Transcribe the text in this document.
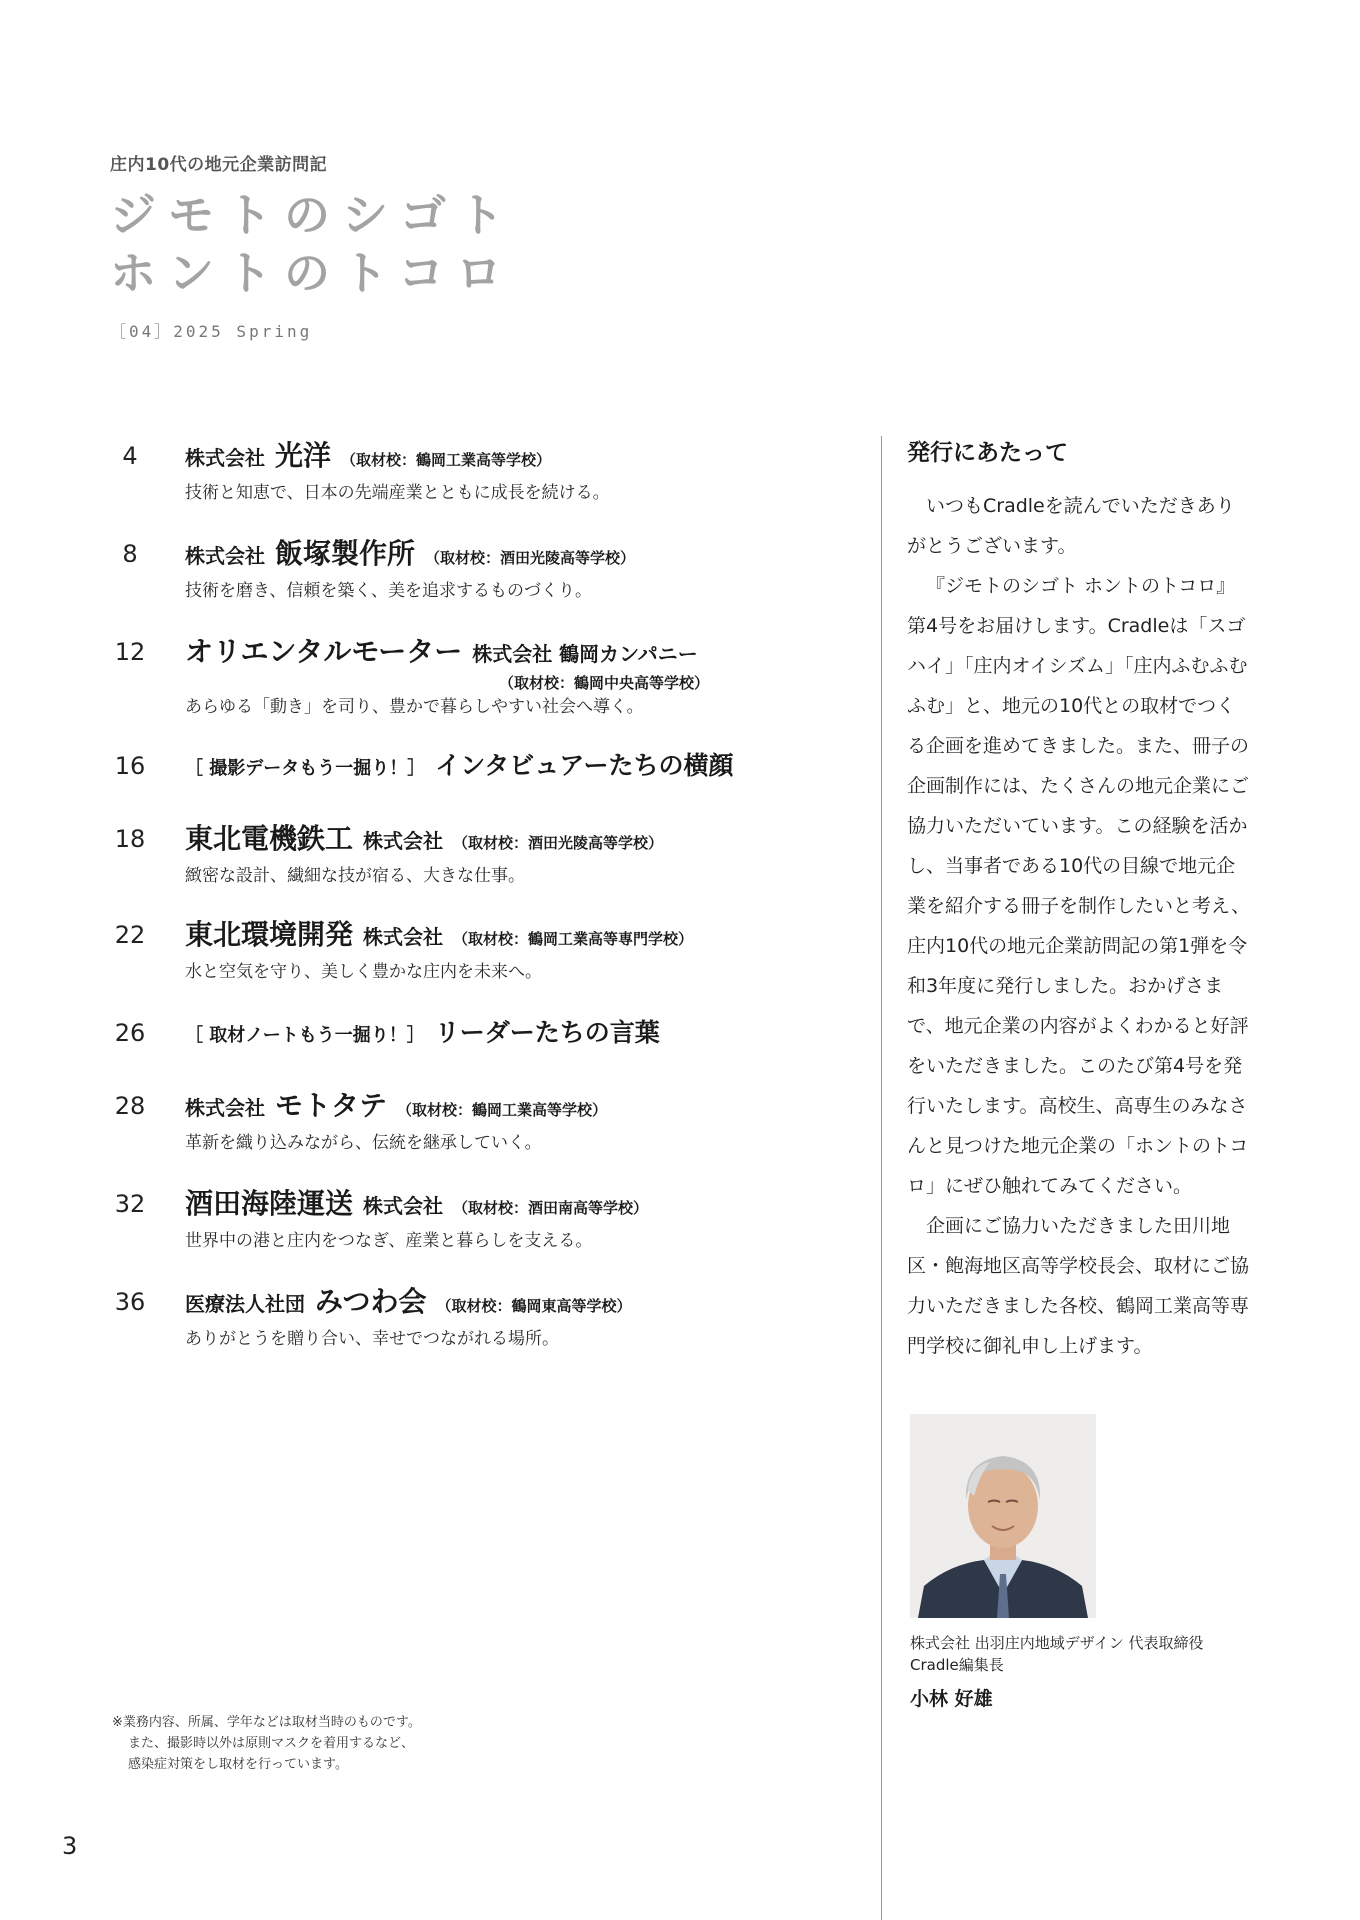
庄内10代の地元企業訪問記
ジモトのシゴト
ホントのトコロ
［04］2025 Spring
4	株式会社 光洋 （取材校：鶴岡工業高等学校）
技術と知恵で、日本の先端産業とともに成長を続ける。
8	株式会社 飯塚製作所 （取材校：酒田光陵高等学校）
技術を磨き、信頼を築く、美を追求するものづくり。
12 オリエンタルモーター 株式会社 鶴岡カンパニー
（取材校：鶴岡中央高等学校）
あらゆる「動き」を司り、豊かで暮らしやすい社会へ導く。
16 ［ 撮影データもう一掘り！］ インタビュアーたちの横顔
18 東北電機鉄工 株式会社 （取材校：酒田光陵高等学校）
緻密な設計、繊細な技が宿る、大きな仕事。
22 東北環境開発 株式会社 （取材校：鶴岡工業高等専門学校）
水と空気を守り、美しく豊かな庄内を未来へ。
26 ［ 取材ノートもう一掘り！］ リーダーたちの言葉
28 株式会社 モトタテ （取材校：鶴岡工業高等学校）
革新を織り込みながら、伝統を継承していく。
32 酒田海陸運送 株式会社 （取材校：酒田南高等学校）
世界中の港と庄内をつなぎ、産業と暮らしを支える。
36 医療法人社団 みつわ会 （取材校：鶴岡東高等学校）
ありがとうを贈り合い、幸せでつながれる場所。
発行にあたって

いつもCradleを読んでいただきありがとうございます。

『ジモトのシゴト ホントのトコロ』第4号をお届けします。Cradleは「スゴハイ」「庄内オイシズム」「庄内ふむふむふむ」と、地元の10代との取材でつくる企画を進めてきました。また、冊子の企画制作には、たくさんの地元企業にご協力いただいています。この経験を活かし、当事者である10代の目線で地元企業を紹介する冊子を制作したいと考え、庄内10代の地元企業訪問記の第1弾を令和3年度に発行しました。おかげさまで、地元企業の内容がよくわかると好評をいただきました。このたび第4号を発行いたします。高校生、高専生のみなさんと見つけた地元企業の「ホントのトコロ」にぜひ触れてみてください。

企画にご協力いただきました田川地区・飽海地区高等学校長会、取材にご協力いただきました各校、鶴岡工業高等専門学校に御礼申し上げます。

株式会社 出羽庄内地域デザイン 代表取締役
Cradle編集長
小林 好雄
※業務内容、所属、学年などは取材当時のものです。
また、撮影時以外は原則マスクを着用するなど、
感染症対策をし取材を行っています。
3
